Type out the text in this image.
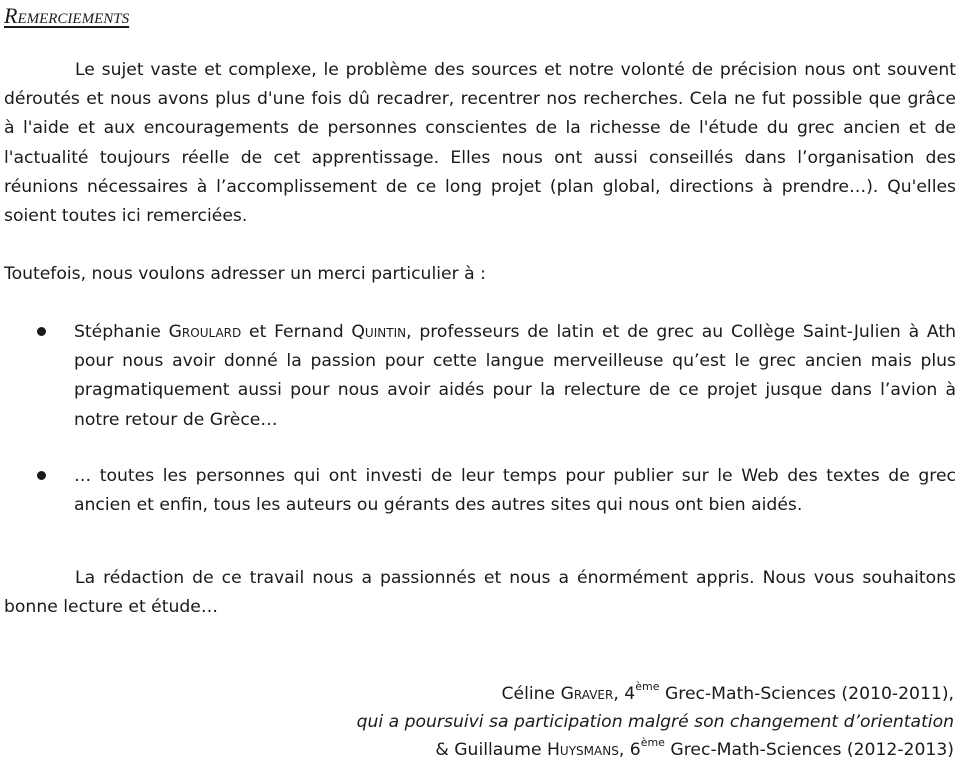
Remerciements

Le sujet vaste et complexe, le problème des sources et notre volonté de précision nous ont souvent déroutés et nous avons plus d'une fois dû recadrer, recentrer nos recherches. Cela ne fut possible que grâce à l'aide et aux encouragements de personnes conscientes de la richesse de l'étude du grec ancien et de l'actualité toujours réelle de cet apprentissage. Elles nous ont aussi conseillés dans l’organisation des réunions nécessaires à l’accomplissement de ce long projet (plan global, directions à prendre…). Qu'elles soient toutes ici remerciées.

Toutefois, nous voulons adresser un merci particulier à :

Stéphanie Groulard et Fernand Quintin, professeurs de latin et de grec au Collège Saint-Julien à Ath pour nous avoir donné la passion pour cette langue merveilleuse qu’est le grec ancien mais plus pragmatiquement aussi pour nous avoir aidés pour la relecture de ce projet jusque dans l’avion à notre retour de Grèce…
… toutes les personnes qui ont investi de leur temps pour publier sur le Web des textes de grec ancien et enfin, tous les auteurs ou gérants des autres sites qui nous ont bien aidés.

La rédaction de ce travail nous a passionnés et nous a énormément appris. Nous vous souhaitons bonne lecture et étude…

Céline Graver, 4ème Grec-Math-Sciences (2010-2011),

qui a poursuivi sa participation malgré son changement d’orientation

& Guillaume Huysmans, 6ème Grec-Math-Sciences (2012-2013)
